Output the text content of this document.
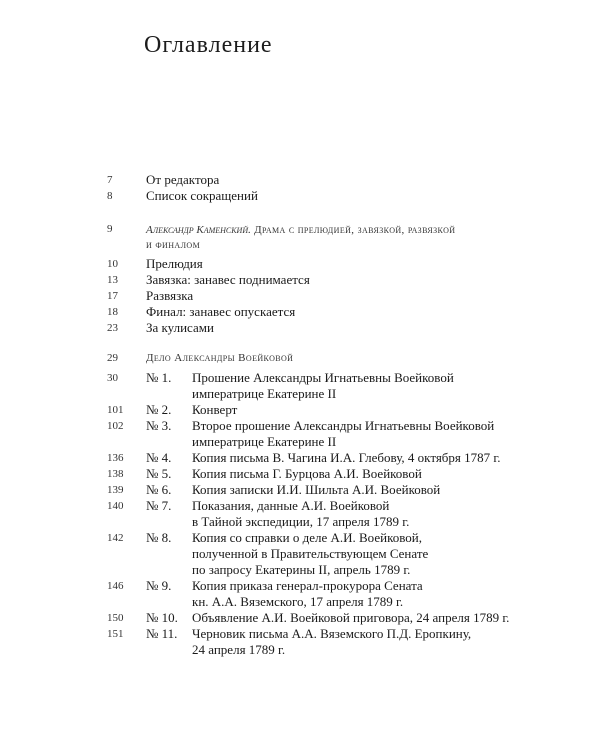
Оглавление
7	От редактора
8	Список сокращений
9	Александр Каменский. Драма с прелюдией, завязкой, развязкой
и финалом
10 Прелюдия
13 Завязка: занавес поднимается
17 Развязка
18 Финал: занавес опускается
23 За кулисами
29	Дело Александры Воейковой
30 № 1. Прошение Александры Игнатьевны Воейковой
императрице Екатерине II
101 № 2. Конверт
102 № 3. Второе прошение Александры Игнатьевны Воейковой
императрице Екатерине II
136 № 4. Копия письма В. Чагина И.А. Глебову, 4 октября 1787 г.
138 № 5. Копия письма Г. Бурцова А.И. Воейковой
139 № 6. Копия записки И.И. Шильта А.И. Воейковой
140 № 7. Показания, данные А.И. Воейковой
в Тайной экспедиции, 17 апреля 1789 г.
142 № 8. Копия со справки о деле А.И. Воейковой,
полученной в Правительствующем Сенате
по запросу Екатерины II, апрель 1789 г.
146 № 9. Копия приказа генерал-прокурора Сената
кн. А.А. Вяземского, 17 апреля 1789 г.
150 № 10. Объявление А.И. Воейковой приговора, 24 апреля 1789 г.
151 № 11. Черновик письма А.А. Вяземского П.Д. Еропкину,
24 апреля 1789 г.
